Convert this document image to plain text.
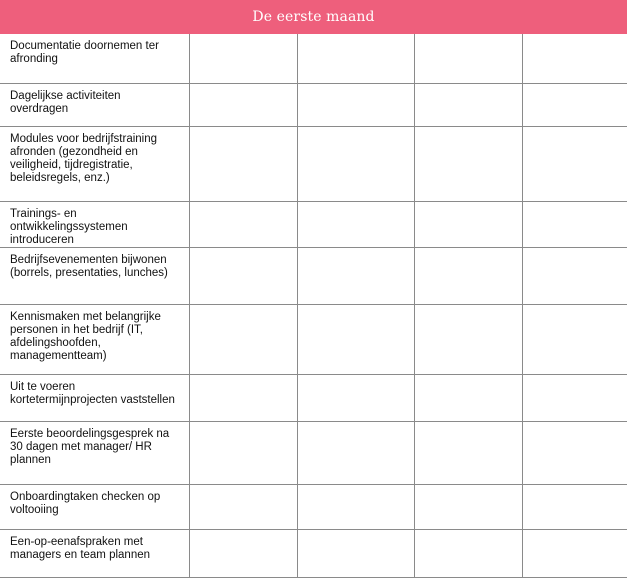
De eerste maand
Documentatie doornemen ter afronding				
Dagelijkse activiteiten overdragen				
Modules voor bedrijfstraining afronden (gezondheid en veiligheid, tijdregistratie, beleidsregels, enz.)				
Trainings- en ontwikkelingssystemen introduceren				
Bedrijfsevenementen bijwonen (borrels, presentaties, lunches)				
Kennismaken met belangrijke personen in het bedrijf (IT, afdelingshoofden, managementteam)				
Uit te voeren kortetermijnprojecten vaststellen				
Eerste beoordelingsgesprek na 30 dagen met manager/ HR plannen				
Onboardingtaken checken op voltooiing				
Een-op-eenafspraken met managers en team plannen				
